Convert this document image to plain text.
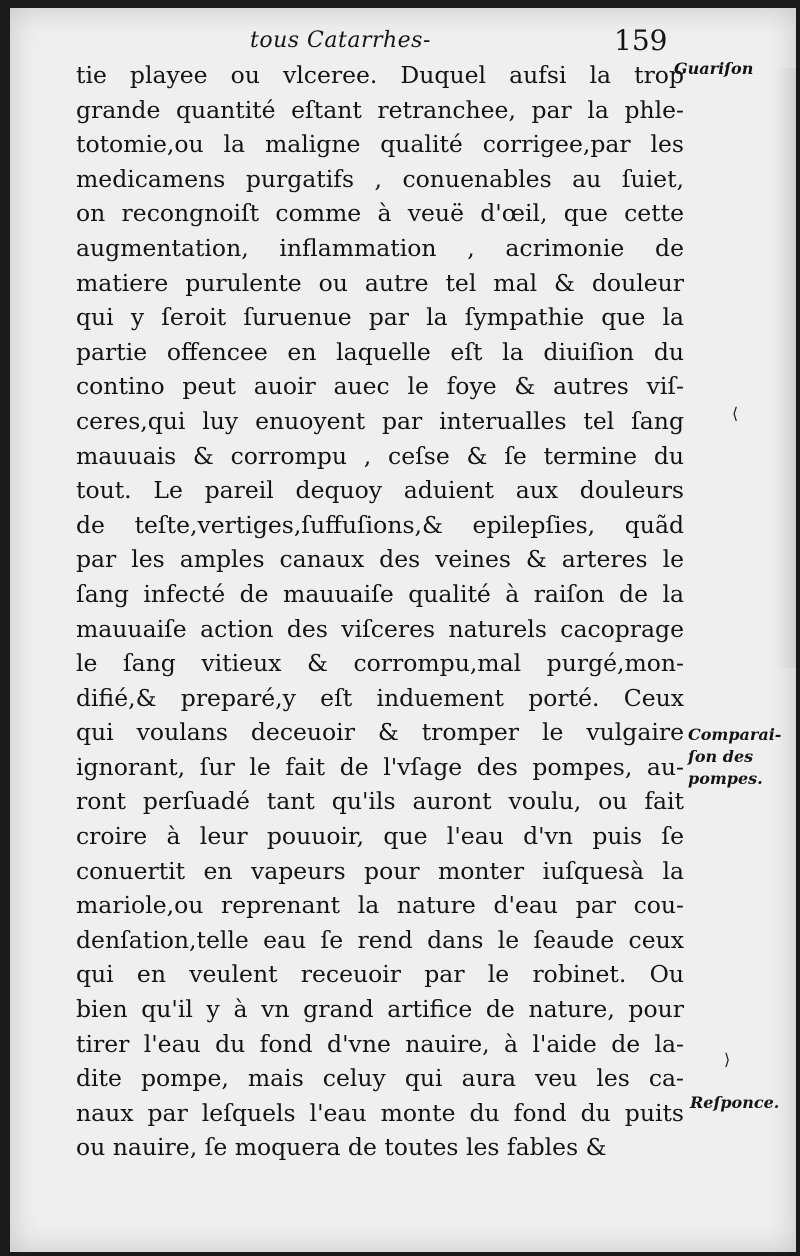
tous Catarrhes-	159
tie playee ou vlceree. Duquel aufsi la trop
grande quantité eſtant retranchee, par la phle-
totomie,ou la maligne qualité corrigee,par les
medicamens purgatifs , conuenables au ſuiet,
on recongnoiſt comme à veuë d'œil, que cette
augmentation, inflammation , acrimonie de
matiere purulente ou autre tel mal & douleur
qui y ſeroit ſuruenue par la ſympathie que la
partie offencee en laquelle eſt la diuiſion du
contino peut auoir auec le foye & autres viſ-
ceres,qui luy enuoyent par interualles tel ſang
mauuais & corrompu , ceſse & ſe termine du
tout. Le pareil dequoy aduient aux douleurs
de teſte,vertiges,ſuffuſions,& epilepſies, quãd
par les amples canaux des veines & arteres le
ſang infecté de mauuaiſe qualité à raiſon de la
mauuaiſe action des viſceres naturels cacoprage
le ſang vitieux & corrompu,mal purgé,mon-
difié,& preparé,y eſt induement porté. Ceux
qui voulans deceuoir & tromper le vulgaire
ignorant, ſur le fait de l'vſage des pompes, au-
ront perſuadé tant qu'ils auront voulu, ou fait
croire à leur pouuoir, que l'eau d'vn puis ſe
conuertit en vapeurs pour monter iuſquesà la
mariole,ou reprenant la nature d'eau par cou-
denſation,telle eau ſe rend dans le ſeaude ceux
qui en veulent receuoir par le robinet. Ou
bien qu'il y à vn grand artifice de nature, pour
tirer l'eau du fond d'vne nauire, à l'aide de la-
dite pompe, mais celuy qui aura veu les ca-
naux par leſquels l'eau monte du fond du puits
ou nauire, ſe moquera de toutes les fables &
Guariſon
Comparai-
ſon des
pompes.
Reſponce.
⟨
⟩
